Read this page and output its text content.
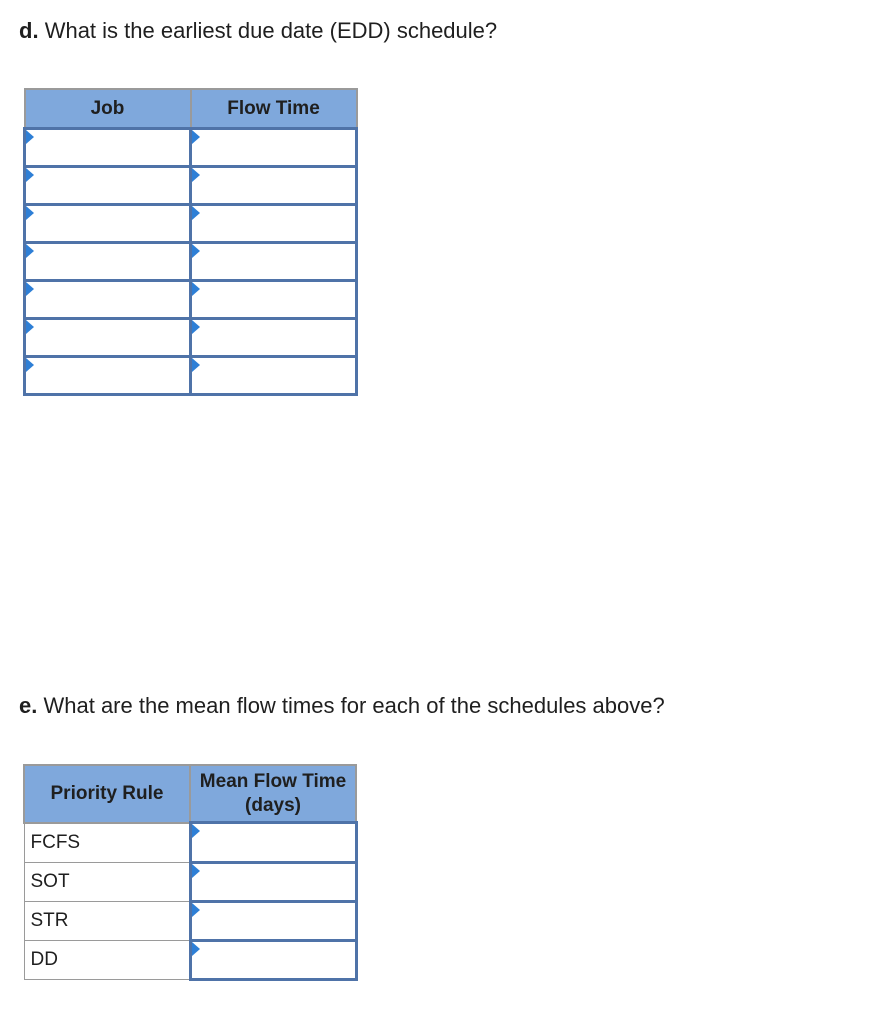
d. What is the earliest due date (EDD) schedule?
Job	Flow Time

e. What are the mean flow times for each of the schedules above?
Priority Rule	Mean Flow Time (days)
FCFS	

SOT	

STR	

DD	
